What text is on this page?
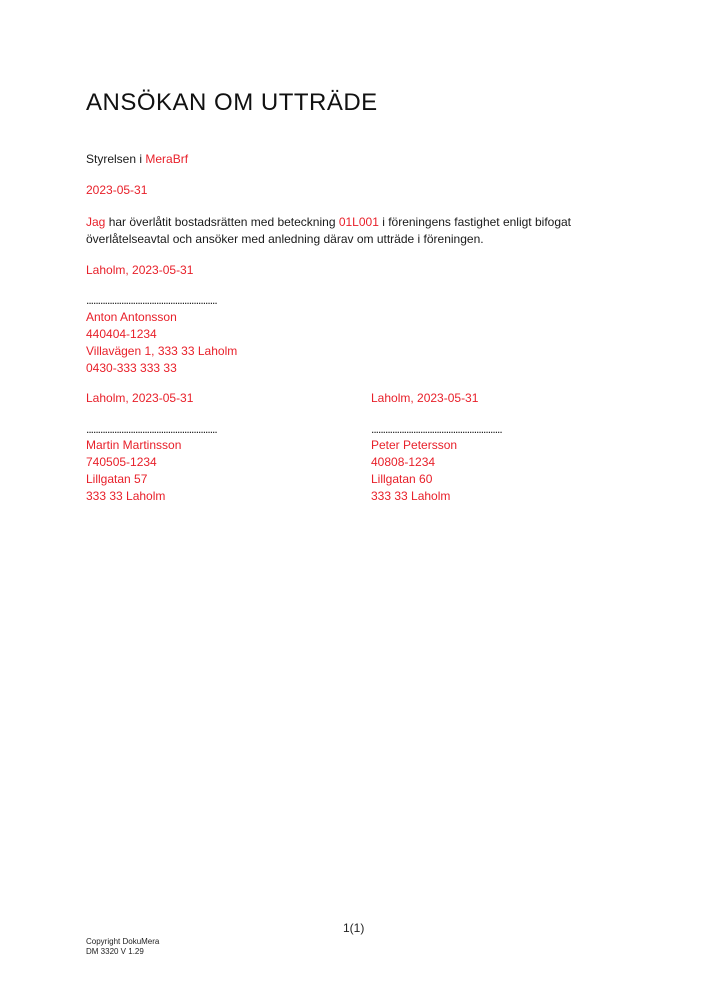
ANSÖKAN OM UTTRÄDE
Styrelsen i MeraBrf
2023-05-31
Jag har överlåtit bostadsrätten med beteckning 01L001 i föreningens fastighet enligt bifogat överlåtelseavtal och ansöker med anledning därav om utträde i föreningen.
Laholm, 2023-05-31
........................................................
Anton Antonsson
440404-1234
Villavägen 1, 333 33 Laholm
0430-333 333 33
Laholm, 2023-05-31
........................................................
Martin Martinsson
740505-1234
Lillgatan 57
333 33 Laholm
Laholm, 2023-05-31
........................................................
Peter Petersson
40808-1234
Lillgatan 60
333 33 Laholm
1(1)
Copyright DokuMera
DM 3320 V 1.29
